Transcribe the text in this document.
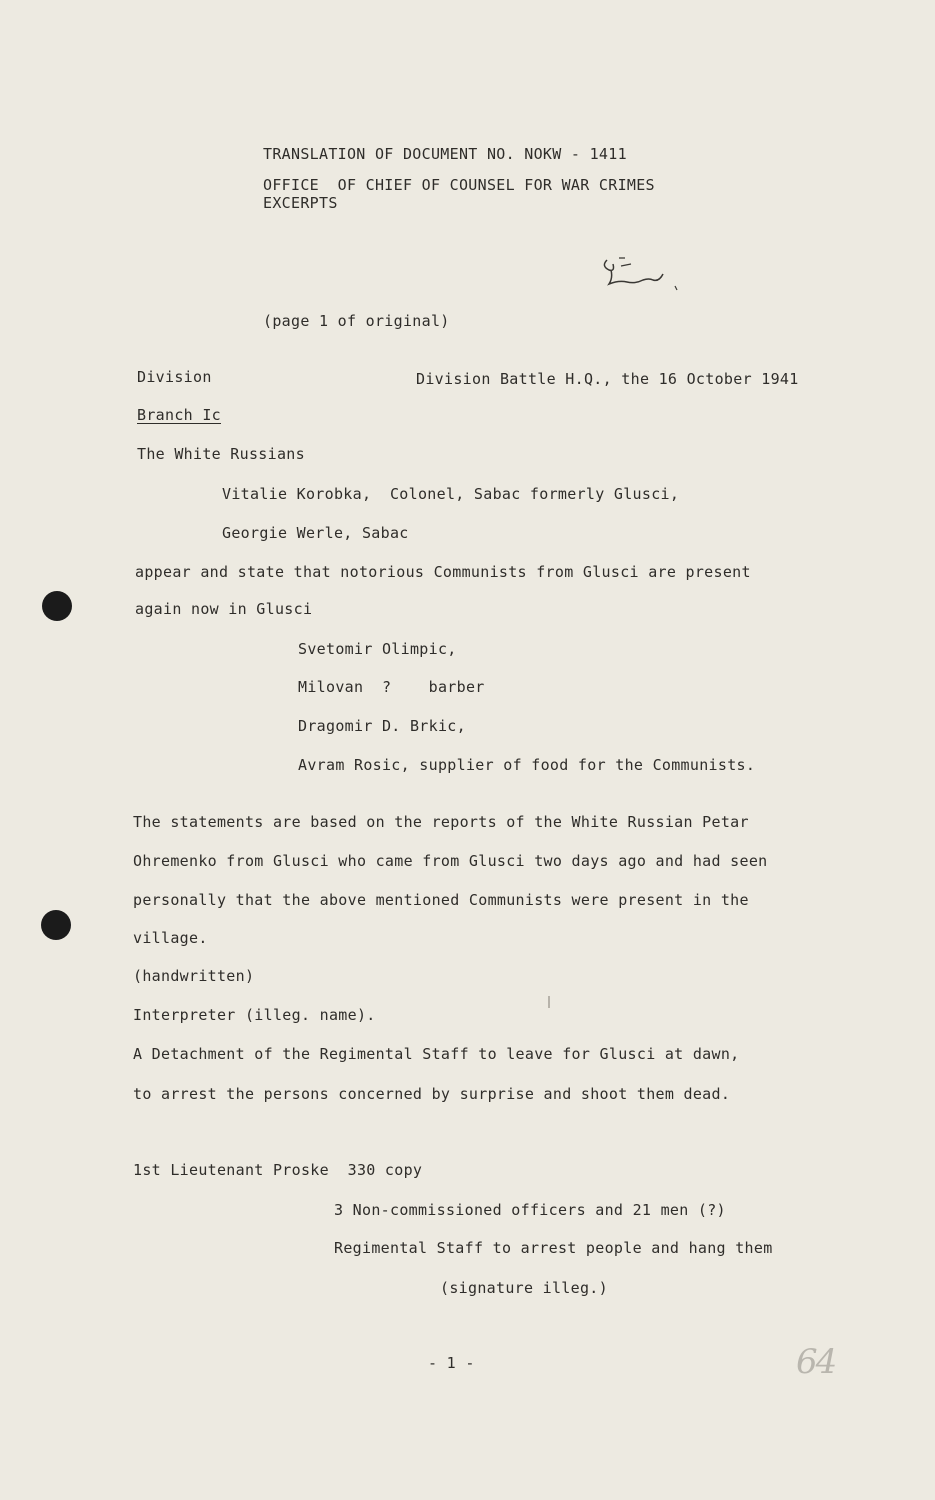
TRANSLATION OF DOCUMENT NO. NOKW - 1411
OFFICE  OF CHIEF OF COUNSEL FOR WAR CRIMES
EXCERPTS
(page 1 of original)
Division	Division Battle H.Q., the 16 October 1941
Branch Ic
The White Russians
Vitalie Korobka,  Colonel, Sabac formerly Glusci,
Georgie Werle, Sabac
appear and state that notorious Communists from Glusci are present
again now in Glusci
Svetomir Olimpic,
Milovan  ?    barber
Dragomir D. Brkic,
Avram Rosic, supplier of food for the Communists.
The statements are based on the reports of the White Russian Petar
Ohremenko from Glusci who came from Glusci two days ago and had seen
personally that the above mentioned Communists were present in the
village.
(handwritten)
Interpreter (illeg. name).
A Detachment of the Regimental Staff to leave for Glusci at dawn,
to arrest the persons concerned by surprise and shoot them dead.
1st Lieutenant Proske  330 copy
3 Non-commissioned officers and 21 men (?)
Regimental Staff to arrest people and hang them
(signature illeg.)
- 1 -	64
